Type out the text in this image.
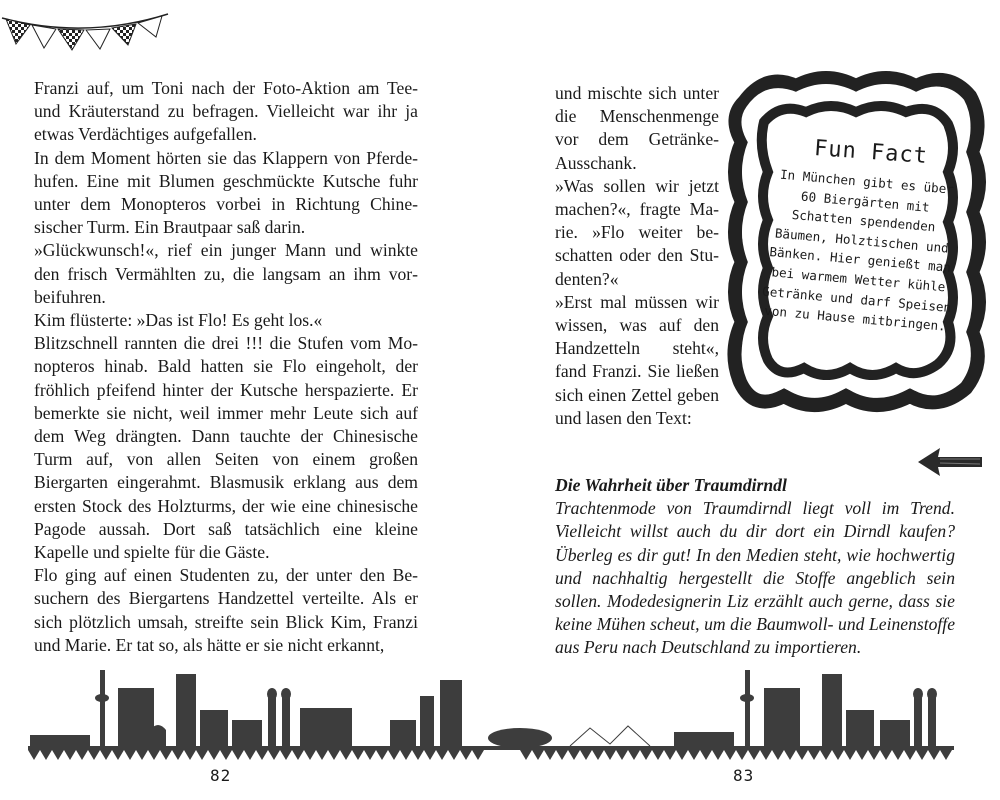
Franzi auf, um Toni nach der Foto-Aktion am Tee- und Kräuterstand zu befragen. Vielleicht war ihr ja etwas Verdächtiges aufgefallen.

In dem Moment hörten sie das Klappern von Pferdehufen. Eine mit Blumen geschmückte Kutsche fuhr unter dem Monopteros vorbei in Richtung Chinesischer Turm. Ein Brautpaar saß darin.

»Glückwunsch!«, rief ein junger Mann und winkte den frisch Vermählten zu, die langsam an ihm vorbeifuhren.

Kim flüsterte: »Das ist Flo! Es geht los.«

Blitzschnell rannten die drei !!! die Stufen vom Monopteros hinab. Bald hatten sie Flo eingeholt, der fröhlich pfeifend hinter der Kutsche herspazierte. Er bemerkte sie nicht, weil immer mehr Leute sich auf dem Weg drängten. Dann tauchte der Chinesische Turm auf, von allen Seiten von einem großen Biergarten eingerahmt. Blasmusik erklang aus dem ersten Stock des Holzturms, der wie eine chinesische Pagode aussah. Dort saß tatsächlich eine kleine Kapelle und spielte für die Gäste.

Flo ging auf einen Studenten zu, der unter den Besuchern des Biergartens Handzettel verteilte. Als er sich plötzlich umsah, streifte sein Blick Kim, Franzi und Marie. Er tat so, als hätte er sie nicht erkannt,

und mischte sich unter die Menschenmenge vor dem Getränke-Ausschank.

»Was sollen wir jetzt machen?«, fragte Marie. »Flo weiter beschatten oder den Studenten?«

»Erst mal müssen wir wissen, was auf den Handzetteln steht«, fand Franzi. Sie ließen sich einen Zettel geben und lasen den Text:

Fun Fact
In München gibt es über 60 Biergärten mit Schatten spendenden Bäumen, Holztischen und Bänken. Hier genießt man bei warmem Wetter kühle Getränke und darf Speisen von zu Hause mitbringen.

Die Wahrheit über Traumdirndl

Trachtenmode von Traumdirndl liegt voll im Trend. Vielleicht willst auch du dir dort ein Dirndl kaufen? Überleg es dir gut! In den Medien steht, wie hochwertig und nachhaltig hergestellt die Stoffe angeblich sein sollen. Modedesignerin Liz erzählt auch gerne, dass sie keine Mühen scheut, um die Baumwoll- und Leinenstoffe aus Peru nach Deutschland zu importieren.

82	83
